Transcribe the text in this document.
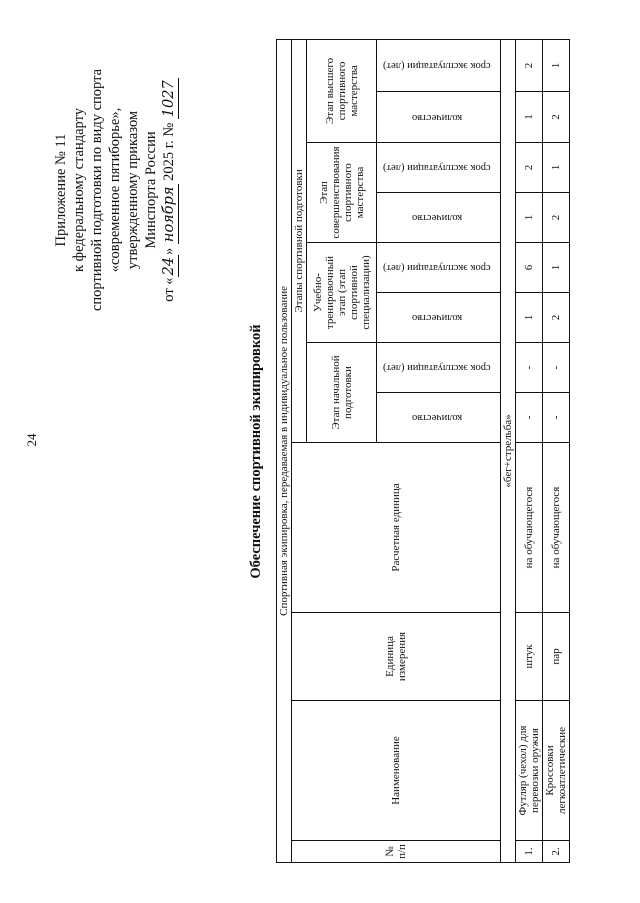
24
Приложение № 11 к федеральному стандарту спортивной подготовки по виду спорта «современное пятиборье», утвержденному приказом Минспорта России
от «24» ноября 2025 г. № 1027
Обеспечение спортивной экипировкой Спортивная экипировка, передаваемая в индивидуальное пользование											
№ п/п	Наименование	Единица измерения	Расчетная единица	Этапы спортивной подготовки							
				Этап начальной подготовки		Учебно-тренировочный этап (этап спортивной специализации)		Этап совершенствования спортивного мастерства		Этап высшего спортивного мастерства	
				количество	срок эксплуатации (лет)	количество	срок эксплуатации (лет)	количество	срок эксплуатации (лет)	количество	срок эксплуатации (лет)
«бег+стрельба»											
1.	Футляр (чехол) для перевозки оружия	штук	на обучающегося	-	-	1	6	1	2	1	2
2.	Кроссовки легкоатлетические	пар	на обучающегося	-	-	2	1	2	1	2	1
